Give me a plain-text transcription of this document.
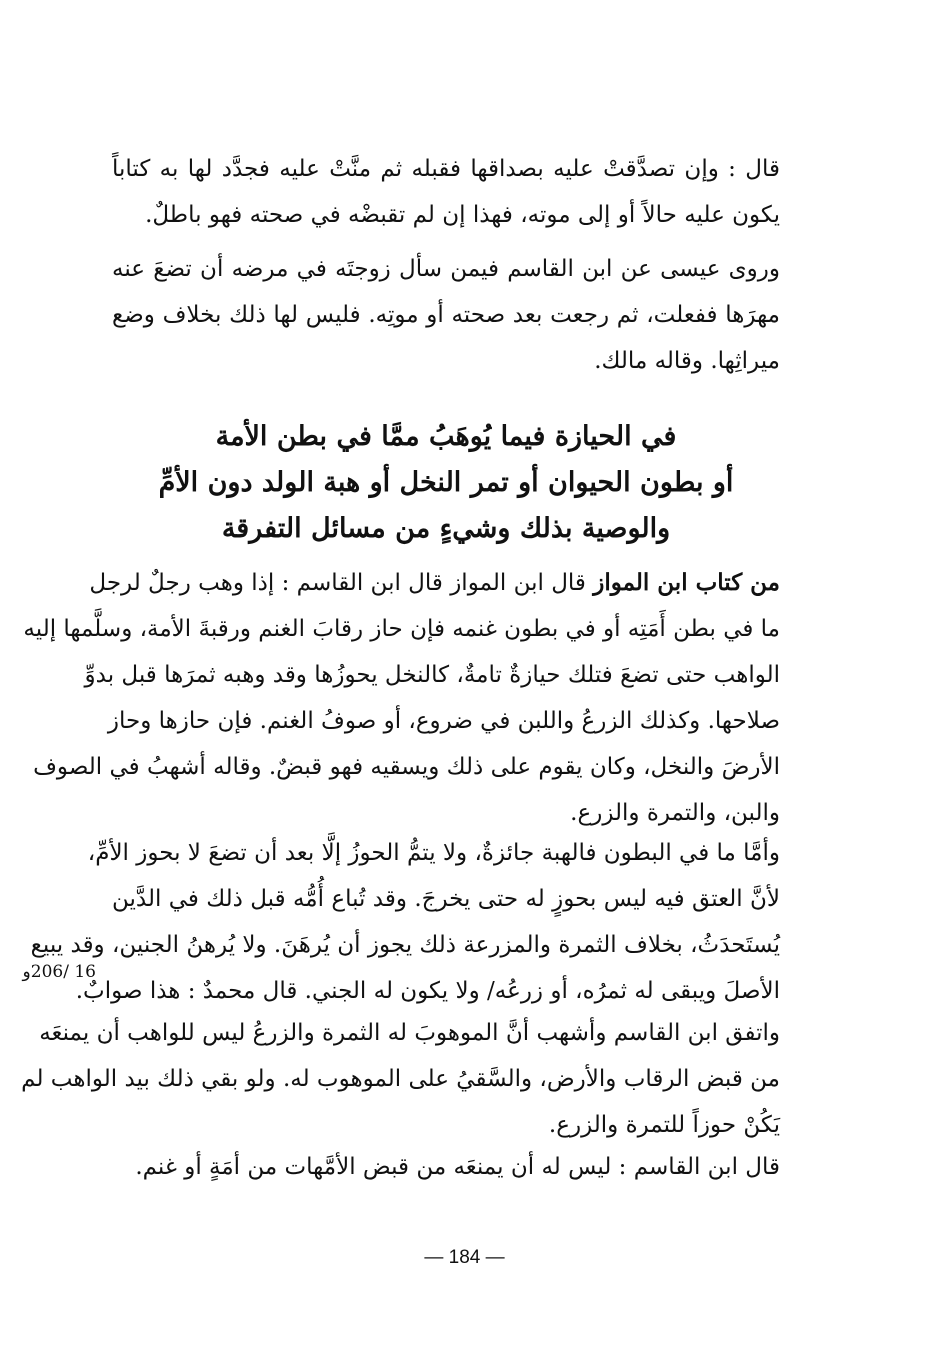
قال : وإن تصدَّقتْ عليه بصداقها فقبله ثم منَّتْ عليه فجدَّد لها به كتاباً
يكون عليه حالاً أو إلى موته، فهذا إن لم تقبضْه في صحته فهو باطلٌ.
وروى عيسى عن ابن القاسم فيمن سأل زوجتَه في مرضه أن تضعَ عنه
مهرَها ففعلت، ثم رجعت بعد صحته أو موتِه. فليس لها ذلك بخلاف وضع
ميراثِها. وقاله مالك.
في الحيازة فيما يُوهَبُ ممَّا في بطن الأمة
أو بطون الحيوان أو تمر النخل أو هبة الولد دون الأمِّ
والوصية بذلك وشيءٍ من مسائل التفرقة
من كتاب ابن المواز قال ابن المواز قال ابن القاسم : إذا وهب رجلٌ لرجل
ما في بطن أَمَتِه أو في بطون غنمه فإن حاز رقابَ الغنم ورقبةَ الأمة، وسلَّمها إليه
الواهب حتى تضعَ فتلك حيازةٌ تامةٌ، كالنخل يحوزُها وقد وهبه ثمرَها قبل بدوِّ
صلاحها. وكذلك الزرعُ واللبن في ضروع، أو صوفُ الغنم. فإن حازها وحاز
الأرضَ والنخل، وكان يقوم على ذلك ويسقيه فهو قبضٌ. وقاله أشهبُ في الصوف
والبن، والتمرة والزرع.
وأمَّا ما في البطون فالهبة جائزةٌ، ولا يتمُّ الحوزُ إلَّا بعد أن تضعَ لا بحوز الأمِّ،
لأنَّ العتق فيه ليس بحوزٍ له حتى يخرجَ. وقد تُباع أُمُّه قبل ذلك في الدَّين
يُستَحدَثُ، بخلاف الثمرة والمزرعة ذلك يجوز أن يُرهَنَ. ولا يُرهنُ الجنين، وقد يبيع
الأصلَ ويبقى له ثمرُه، أو زرعُه/ ولا يكون له الجني. قال محمدٌ : هذا صوابٌ.
16 /206و
واتفق ابن القاسم وأشهب أنَّ الموهوبَ له الثمرة والزرعُ ليس للواهب أن يمنعَه
من قبض الرقاب والأرض، والسَّقيُ على الموهوب له. ولو بقي ذلك بيد الواهب لم
يَكُنْ حوزاً للتمرة والزرع.
قال ابن القاسم : ليس له أن يمنعَه من قبض الأمَّهات من أمَةٍ أو غنم.
— 184 —
